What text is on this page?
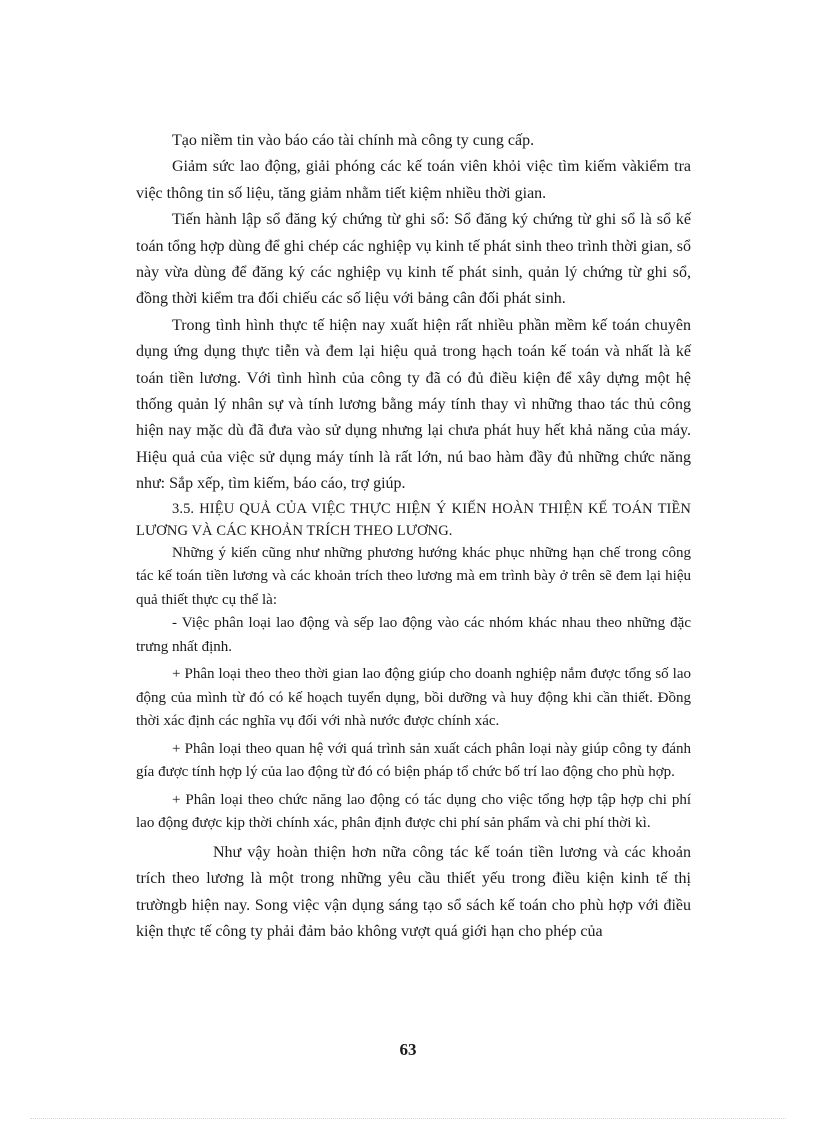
Tạo niềm tin vào báo cáo tài chính mà công ty cung cấp.

Giảm sức lao động, giải phóng các kế toán viên khỏi việc tìm kiếm vàkiểm tra việc thông tin số liệu, tăng giảm nhằm tiết kiệm nhiều thời gian.

Tiến hành lập sổ đăng ký chứng từ ghi sổ: Sổ đăng ký chứng từ ghi sổ là sổ kế toán tổng hợp dùng để ghi chép các nghiệp vụ kinh tế phát sinh theo trình thời gian, sổ này vừa dùng để đăng ký các nghiệp vụ kinh tế phát sinh, quản lý chứng từ ghi sổ, đồng thời kiểm tra đối chiếu các số liệu với bảng cân đối phát sinh.

Trong tình hình thực tế hiện nay xuất hiện rất nhiều phần mềm kế toán chuyên dụng ứng dụng thực tiễn và đem lại hiệu quả trong hạch toán kế toán và nhất là kế toán tiền lương. Với tình hình của công ty đã có đủ điều kiện để xây dựng một hệ thống quản lý nhân sự và tính lương bằng máy tính thay vì những thao tác thủ công hiện nay mặc dù đã đưa vào sử dụng nhưng lại chưa phát huy hết khả năng của máy. Hiệu quả của việc sử dụng máy tính là rất lớn, nú bao hàm đầy đủ những chức năng như: Sắp xếp, tìm kiếm, báo cáo, trợ giúp.

3.5. HIỆU QUẢ CỦA VIỆC THỰC HIỆN Ý KIẾN HOÀN THIỆN KẾ TOÁN TIỀN LƯƠNG VÀ CÁC KHOẢN TRÍCH THEO LƯƠNG.

Những ý kiến cũng như những phương hướng khác phục những hạn chế trong công tác kế toán tiền lương và các khoản trích theo lương mà em trình bày ở trên sẽ đem lại hiệu quả thiết thực cụ thể là:

- Việc phân loại lao động và sếp lao động vào các nhóm khác nhau theo những đặc trưng nhất định.

+ Phân loại theo theo thời gian lao động giúp cho doanh nghiệp nắm được tổng số lao động của mình từ đó có kế hoạch tuyển dụng, bồi dưỡng và huy động khi cần thiết. Đồng thời xác định các nghĩa vụ đối với nhà nước được chính xác.

+ Phân loại theo quan hệ với quá trình sản xuất cách phân loại này giúp công ty đánh gía được tính hợp lý của lao động từ đó có biện pháp tổ chức bố trí lao động cho phù hợp.

+ Phân loại theo chức năng lao động có tác dụng cho việc tổng hợp tập hợp chi phí lao động được kịp thời chính xác, phân định được chi phí sản phẩm và chi phí thời kì.

Như vậy hoàn thiện hơn nữa công tác kế toán tiền lương và các khoản trích theo lương là một trong những yêu cầu thiết yếu trong điều kiện kinh tế thị trườngb hiện nay. Song việc vận dụng sáng tạo sổ sách kế toán cho phù hợp với điều kiện thực tế công ty phải đảm bảo không vượt quá giới hạn cho phép của

63
